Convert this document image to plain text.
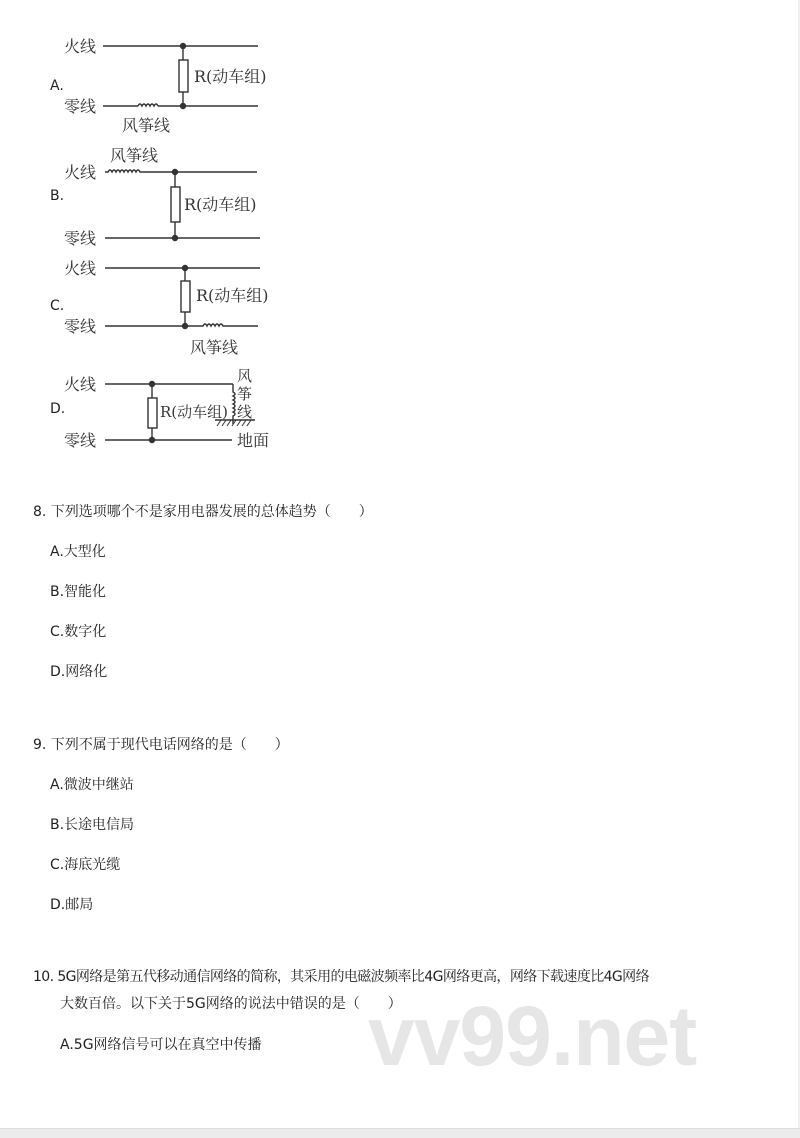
A.
火线
零线
风筝线
R(动车组)
B.
风筝线
火线
零线
R(动车组)
C.
火线
零线
风筝线
R(动车组)
D.
火线	风
筝
线
零线	地面
R(动车组)
vv99.net
8. 下列选项哪个不是家用电器发展的总体趋势（　　）
A.大型化
B.智能化
C.数字化
D.网络化
9. 下列不属于现代电话网络的是（　　）
A.微波中继站
B.长途电信局
C.海底光缆
D.邮局
10. 5G网络是第五代移动通信网络的简称，其采用的电磁波频率比4G网络更高，网络下载速度比4G网络
大数百倍。以下关于5G网络的说法中错误的是（　　）
A.5G网络信号可以在真空中传播
